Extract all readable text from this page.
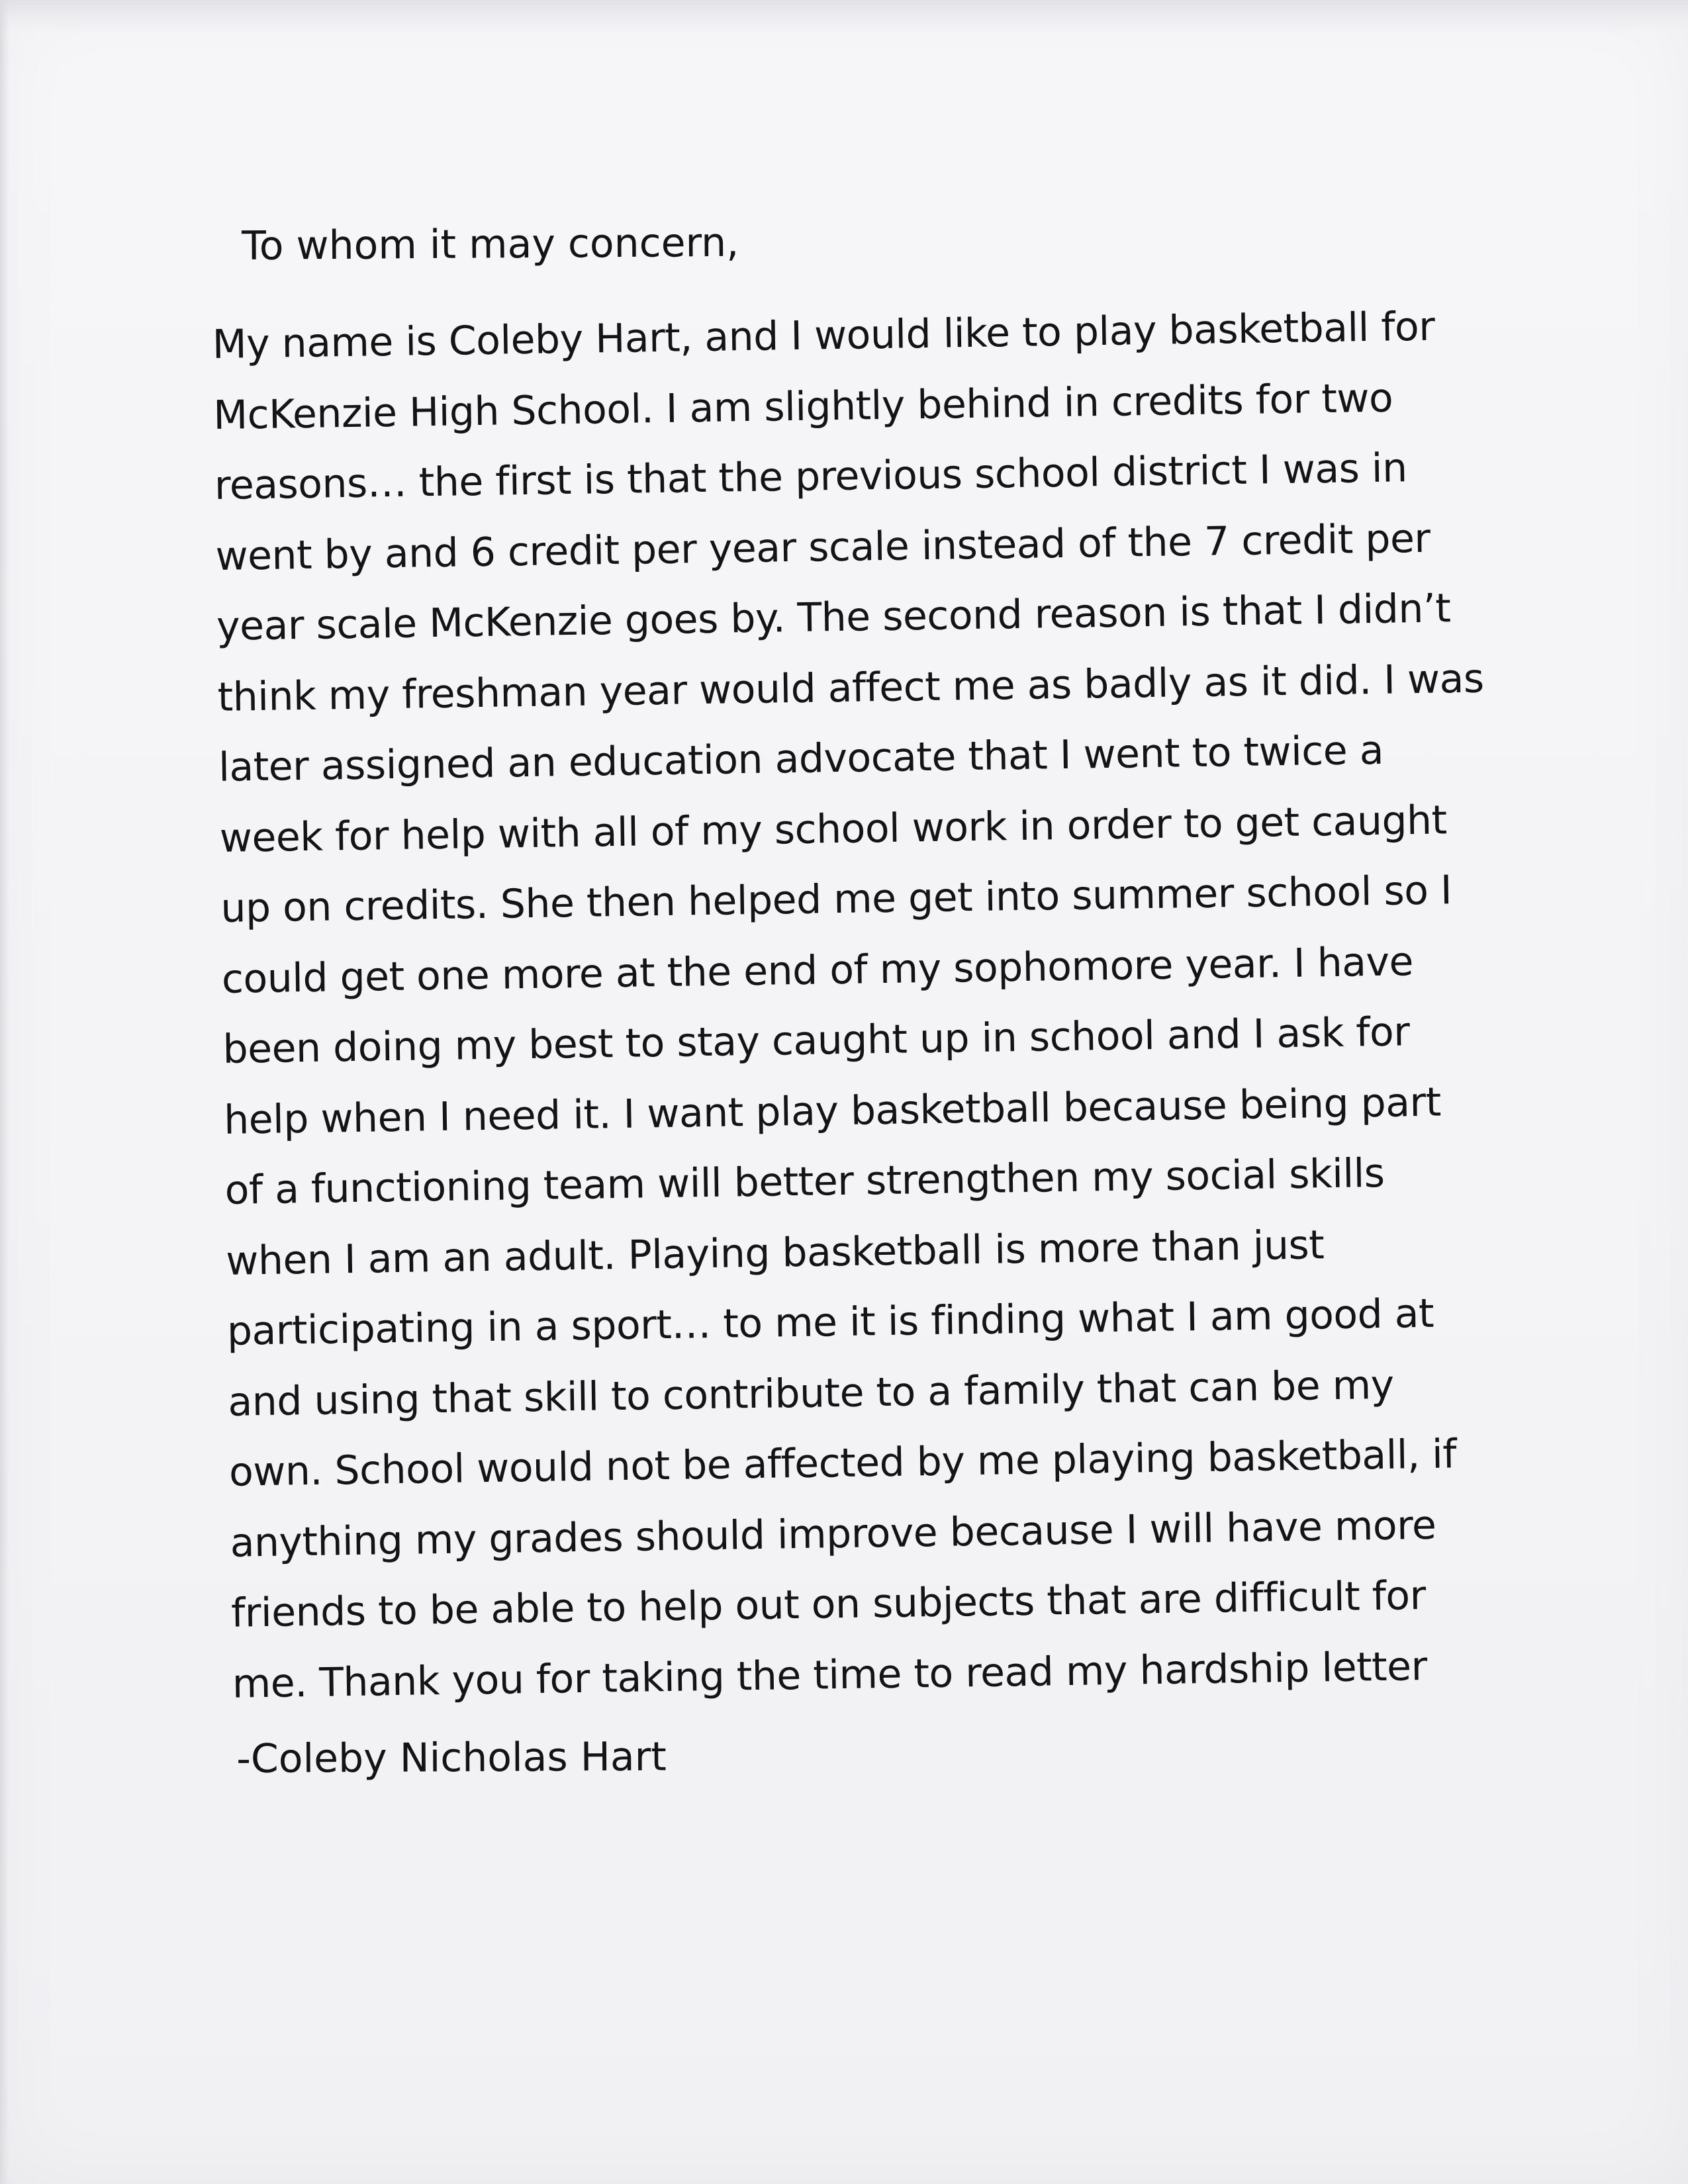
To whom it may concern,

My name is Coleby Hart, and I would like to play basketball for
McKenzie High School. I am slightly behind in credits for two
reasons… the first is that the previous school district I was in
went by and 6 credit per year scale instead of the 7 credit per
year scale McKenzie goes by. The second reason is that I didn’t
think my freshman year would affect me as badly as it did. I was
later assigned an education advocate that I went to twice a
week for help with all of my school work in order to get caught
up on credits. She then helped me get into summer school so I
could get one more at the end of my sophomore year. I have
been doing my best to stay caught up in school and I ask for
help when I need it. I want play basketball because being part
of a functioning team will better strengthen my social skills
when I am an adult. Playing basketball is more than just
participating in a sport… to me it is finding what I am good at
and using that skill to contribute to a family that can be my
own. School would not be affected by me playing basketball, if
anything my grades should improve because I will have more
friends to be able to help out on subjects that are difficult for
me. Thank you for taking the time to read my hardship letter

-Coleby Nicholas Hart
